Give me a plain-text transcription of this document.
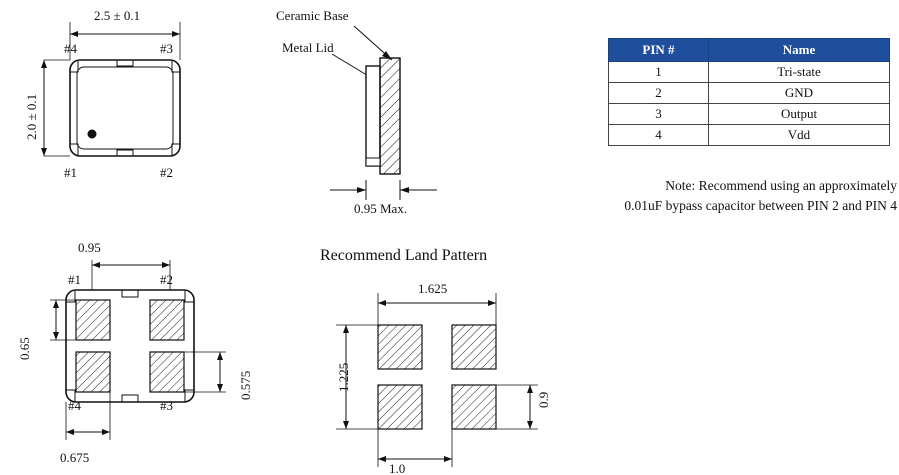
2.5 ± 0.1
#4	#3
#1	#2
2.0 ± 0.1
Ceramic Base
Metal Lid
0.95 Max.
PIN #	Name
1	Tri-state
2	GND
3	Output
4	Vdd
Note: Recommend using an approximately
0.01uF bypass capacitor between PIN 2 and PIN 4
0.95
#1	#2
#4	#3
0.65
0.575
0.675
Recommend Land Pattern
1.625
1.225
0.9
1.0
